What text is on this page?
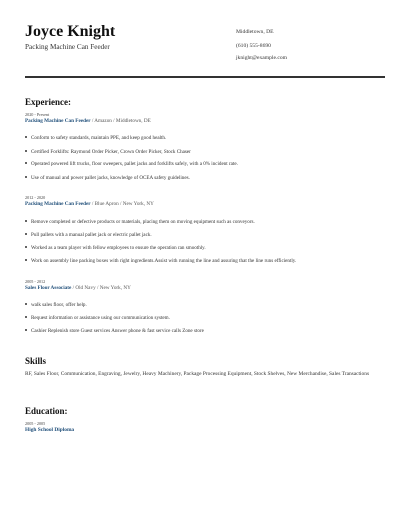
Joyce Knight
Packing Machine Can Feeder
Middletown, DE
(610) 555-8690
jknight@example.com
Experience:
2020 - Present
Packing Machine Can Feeder / Amazon / Middletown, DE
Conform to safety standards, maintain PPE, and keep good health.
Certified Forklifts: Raymond Order Picker, Crown Order Picker, Stock Chaser
Operated powered lift trucks, floor sweepers, pallet jacks and forklifts safely, with a 0% incident rate.
Use of manual and power pallet jacks, knowledge of OCEA safety guidelines.
2012 - 2020
Packing Machine Can Feeder / Blue Apron / New York, NY
Remove completed or defective products or materials, placing them on moving equipment such as conveyors.
Pull pallets with a manual pallet jack or electric pallet jack.
Worked as a team player with fellow employees to ensure the operation ran smoothly.
Work on assembly line packing boxes with right ingredients.Assist with running the line and assuring that the line runs efficiently.
2005 - 2012
Sales Floor Associate / Old Navy / New York, NY
walk sales floor, offer help.
Request information or assistance using our communication system.
Cashier Replenish store Guest services Answer phone & fast service calls Zone store
Skills
RF, Sales Floor, Communication, Engraving, Jewelry, Heavy Machinery, Package Processing Equipment, Stock Shelves, New Merchandise, Sales Transactions
Education:
2005 - 2005
High School Diploma
